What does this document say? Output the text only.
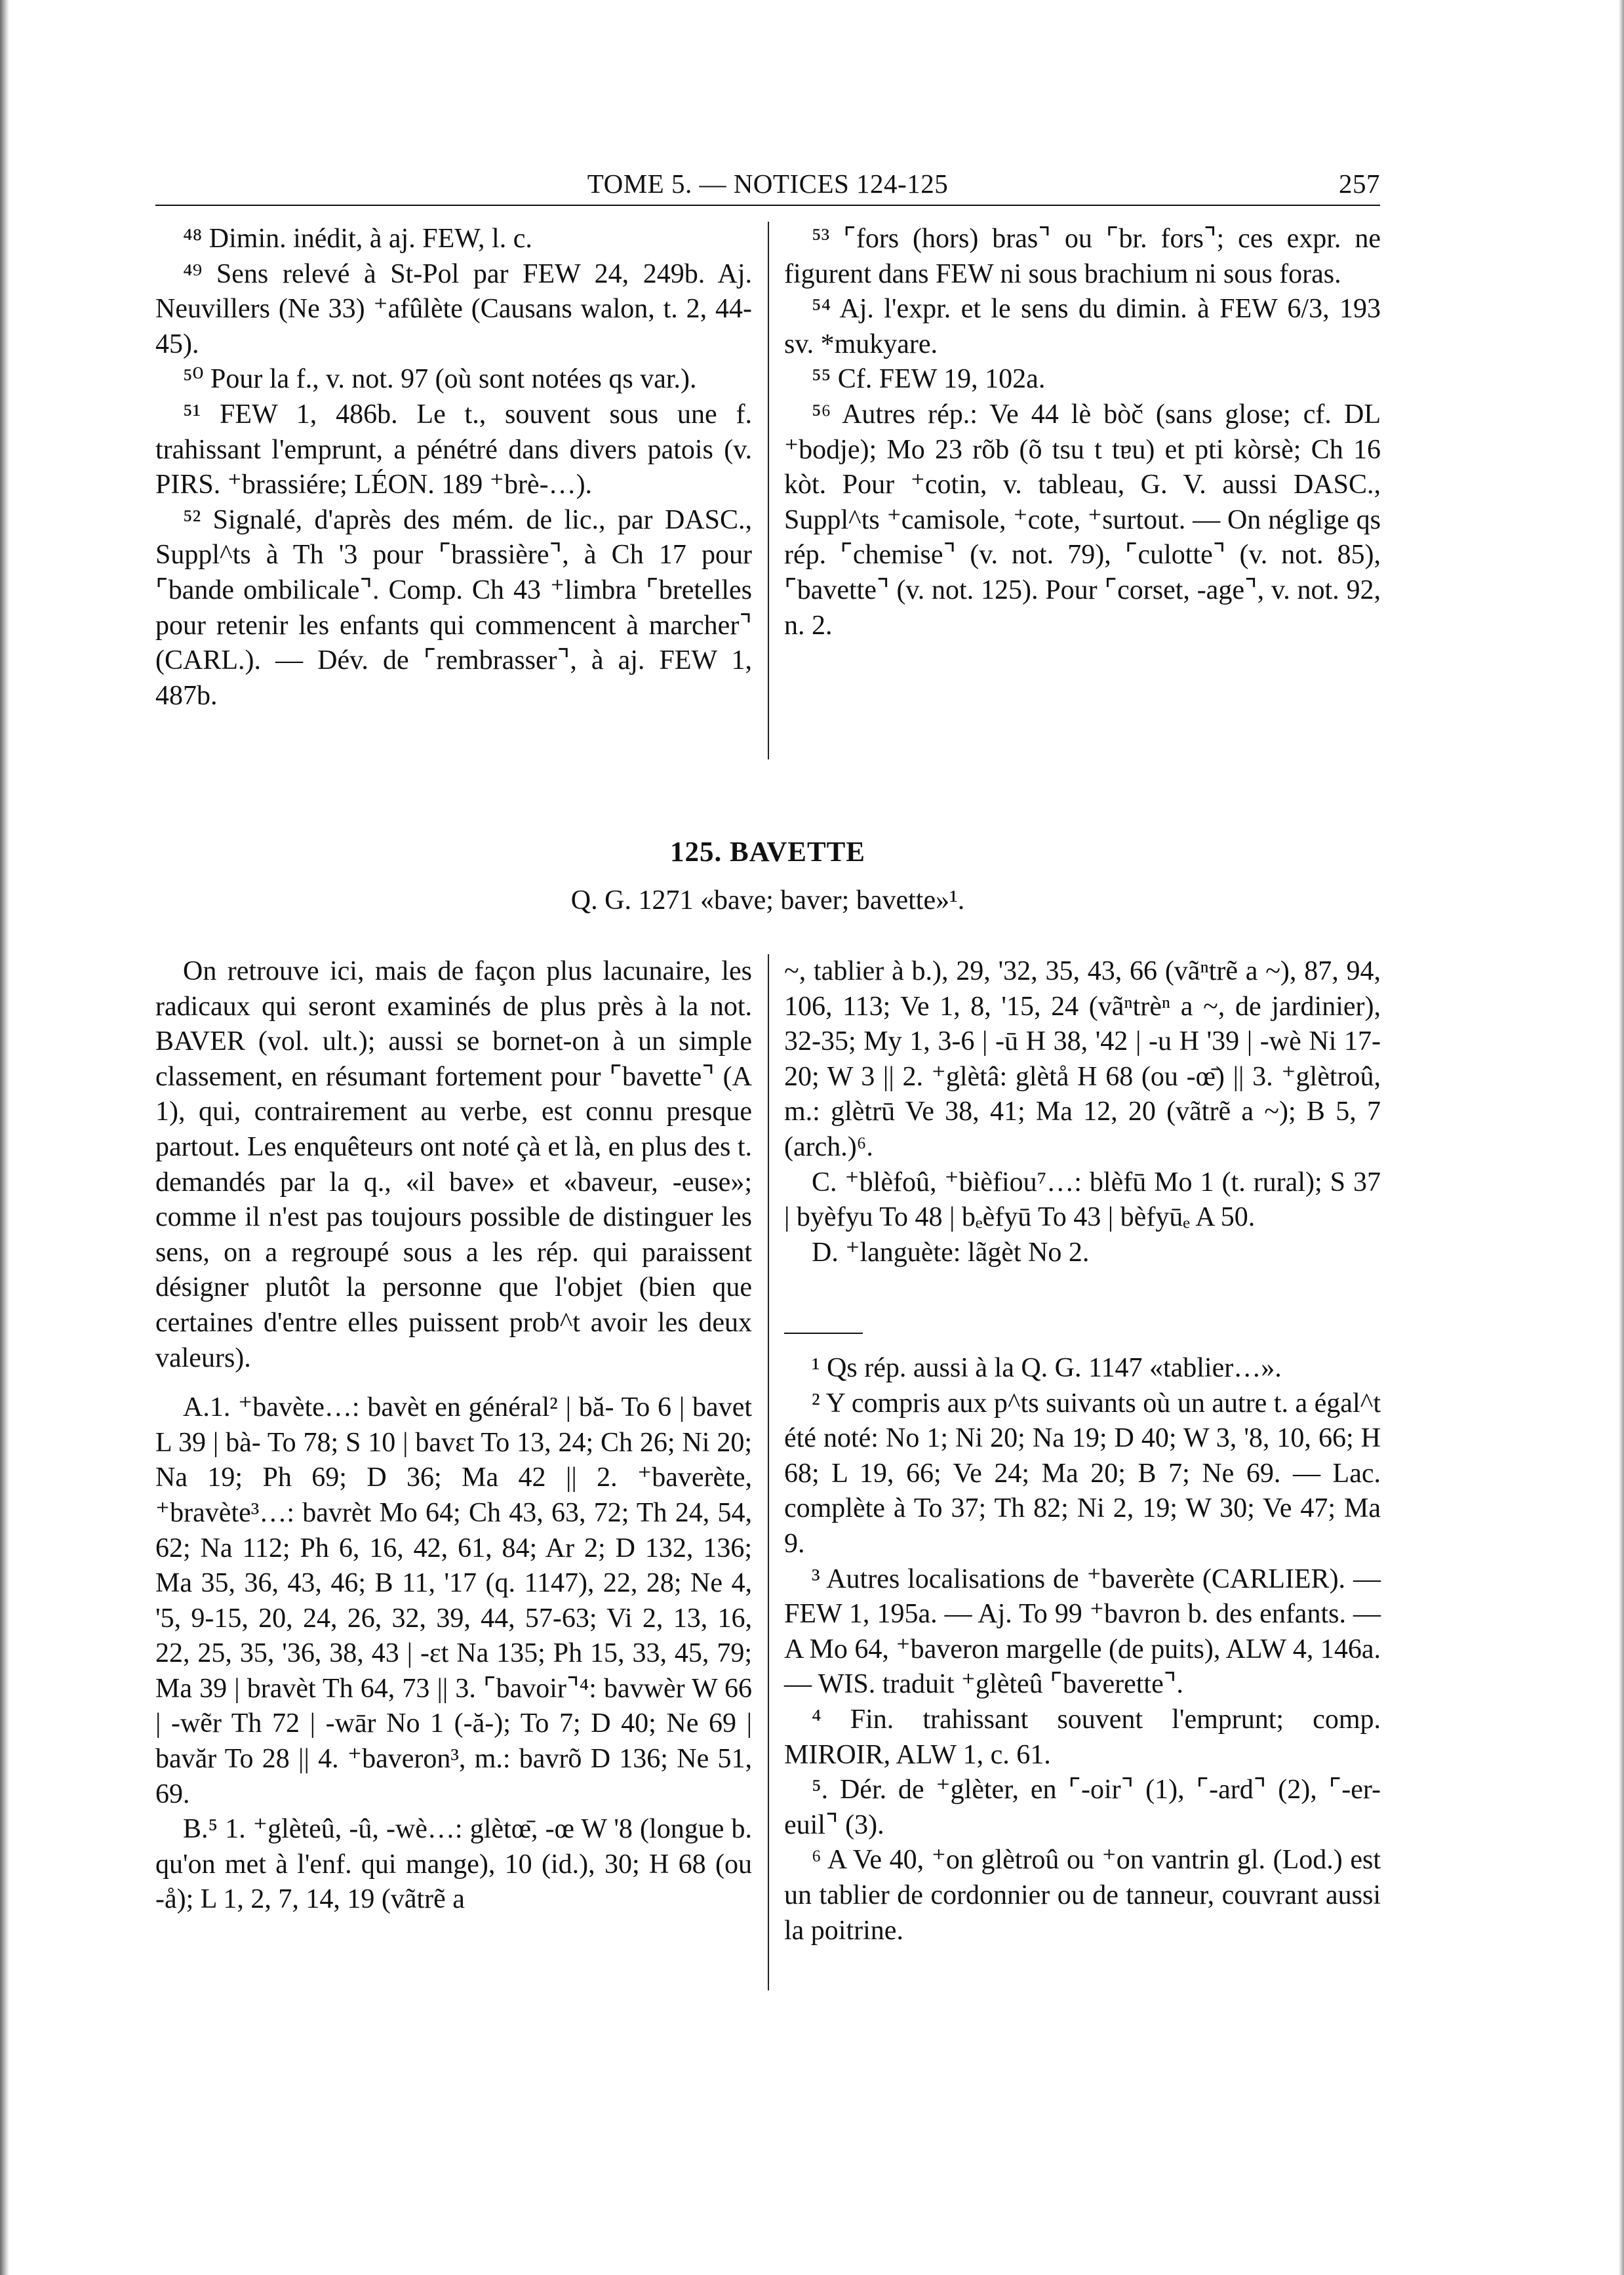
TOME 5. — NOTICES 124-125	257

⁴⁸ Dimin. inédit, à aj. FEW, l. c.

⁴⁹ Sens relevé à St-Pol par FEW 24, 249b. Aj. Neuvillers (Ne 33) ⁺afûlète (Causans walon, t. 2, 44-45).

⁵⁰ Pour la f., v. not. 97 (où sont notées qs var.).

⁵¹ FEW 1, 486b. Le t., souvent sous une f. trahissant l'emprunt, a pénétré dans divers patois (v. PIRS. ⁺brassiére; LÉON. 189 ⁺brè-…).

⁵² Signalé, d'après des mém. de lic., par DASC., Suppl^ts à Th '3 pour ⌜brassière⌝, à Ch 17 pour ⌜bande ombilicale⌝. Comp. Ch 43 ⁺limbra ⌜bretelles pour retenir les enfants qui commencent à marcher⌝ (CARL.). — Dév. de ⌜rembrasser⌝, à aj. FEW 1, 487b.

⁵³ ⌜fors (hors) bras⌝ ou ⌜br. fors⌝; ces expr. ne figurent dans FEW ni sous brachium ni sous foras.

⁵⁴ Aj. l'expr. et le sens du dimin. à FEW 6/3, 193 sv. *mukyare.

⁵⁵ Cf. FEW 19, 102a.

⁵⁶ Autres rép.: Ve 44 lè bòč (sans glose; cf. DL ⁺bodje); Mo 23 rõb (õ tsu t tɐu) et pti kòrsè; Ch 16 kòt. Pour ⁺cotin, v. tableau, G. V. aussi DASC., Suppl^ts ⁺camisole, ⁺cote, ⁺surtout. — On néglige qs rép. ⌜chemise⌝ (v. not. 79), ⌜culotte⌝ (v. not. 85), ⌜bavette⌝ (v. not. 125). Pour ⌜corset, -age⌝, v. not. 92, n. 2.

125. BAVETTE
Q. G. 1271 «bave; baver; bavette»¹.

On retrouve ici, mais de façon plus lacunaire, les radicaux qui seront examinés de plus près à la not. BAVER (vol. ult.); aussi se bornet-on à un simple classement, en résumant fortement pour ⌜bavette⌝ (A 1), qui, contrairement au verbe, est connu presque partout. Les enquêteurs ont noté çà et là, en plus des t. demandés par la q., «il bave» et «baveur, -euse»; comme il n'est pas toujours possible de distinguer les sens, on a regroupé sous a les rép. qui paraissent désigner plutôt la personne que l'objet (bien que certaines d'entre elles puissent prob^t avoir les deux valeurs).

A.1. ⁺bavète…: bavèt en général² | bă- To 6 | bavet L 39 | bà- To 78; S 10 | bavɛt To 13, 24; Ch 26; Ni 20; Na 19; Ph 69; D 36; Ma 42 || 2. ⁺baverète, ⁺bravète³…: bavrèt Mo 64; Ch 43, 63, 72; Th 24, 54, 62; Na 112; Ph 6, 16, 42, 61, 84; Ar 2; D 132, 136; Ma 35, 36, 43, 46; B 11, '17 (q. 1147), 22, 28; Ne 4, '5, 9-15, 20, 24, 26, 32, 39, 44, 57-63; Vi 2, 13, 16, 22, 25, 35, '36, 38, 43 | -ɛt Na 135; Ph 15, 33, 45, 79; Ma 39 | bravèt Th 64, 73 || 3. ⌜bavoir⌝⁴: bavwèr W 66 | -wẽr Th 72 | -wār No 1 (-ă-); To 7; D 40; Ne 69 | bavăr To 28 || 4. ⁺baveron³, m.: bavrõ D 136; Ne 51, 69.

B.⁵ 1. ⁺glèteû, -û, -wè…: glètœ̄, -œ W '8 (longue b. qu'on met à l'enf. qui mange), 10 (id.), 30; H 68 (ou -å); L 1, 2, 7, 14, 19 (vãtrẽ a

~, tablier à b.), 29, '32, 35, 43, 66 (vãⁿtrẽ a ~), 87, 94, 106, 113; Ve 1, 8, '15, 24 (vãⁿtrèⁿ a ~, de jardinier), 32-35; My 1, 3-6 | -ū H 38, '42 | -u H '39 | -wè Ni 17-20; W 3 || 2. ⁺glètâ: glètå H 68 (ou -œ̄) || 3. ⁺glètroû, m.: glètrū Ve 38, 41; Ma 12, 20 (vãtrẽ a ~); B 5, 7 (arch.)⁶.

C. ⁺blèfoû, ⁺bièfiou⁷…: blèfū Mo 1 (t. rural); S 37 | byèfyu To 48 | bₑèfyū To 43 | bèfyūₑ A 50.

D. ⁺languète: lãgèt No 2.

¹ Qs rép. aussi à la Q. G. 1147 «tablier…».

² Y compris aux p^ts suivants où un autre t. a égal^t été noté: No 1; Ni 20; Na 19; D 40; W 3, '8, 10, 66; H 68; L 19, 66; Ve 24; Ma 20; B 7; Ne 69. — Lac. complète à To 37; Th 82; Ni 2, 19; W 30; Ve 47; Ma 9.

³ Autres localisations de ⁺baverète (CARLIER). — FEW 1, 195a. — Aj. To 99 ⁺bavron b. des enfants. — A Mo 64, ⁺baveron margelle (de puits), ALW 4, 146a. — WIS. traduit ⁺glèteû ⌜baverette⌝.

⁴ Fin. trahissant souvent l'emprunt; comp. MIROIR, ALW 1, c. 61.

⁵. Dér. de ⁺glèter, en ⌜-oir⌝ (1), ⌜-ard⌝ (2), ⌜-er-euil⌝ (3).

⁶ A Ve 40, ⁺on glètroû ou ⁺on vantrin gl. (Lod.) est un tablier de cordonnier ou de tanneur, couvrant aussi la poitrine.
